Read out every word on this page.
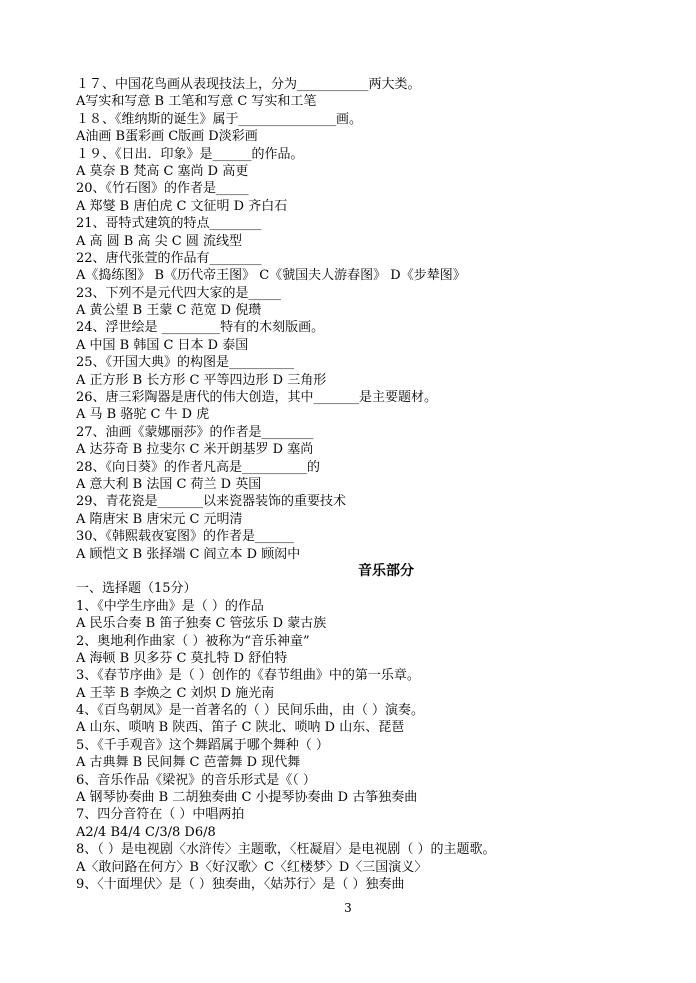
１７、中国花鸟画从表现技法上，分为___________两大类。
A写实和写意 B 工笔和写意 C 写实和工笔
１８、《维纳斯的诞生》属于_______________画。
A油画 B蛋彩画 C版画 D淡彩画
１９、《日出．印象》是______的作品。
A 莫奈 B 梵高 C 塞尚 D 高更
20、《竹石图》的作者是_____
A 郑燮 B 唐伯虎 C 文征明 D 齐白石
21、哥特式建筑的特点________
A 高 圆 B 高 尖 C 圆 流线型
22、唐代张萱的作品有________
A《捣练图》 B《历代帝王图》 C《虢国夫人游春图》 D《步辇图》
23、下列不是元代四大家的是_____
A 黄公望 B 王蒙 C 范宽 D 倪瓒
24、浮世绘是 _________特有的木刻版画。
A 中国 B 韩国 C 日本 D 泰国
25、《开国大典》的构图是__________
A 正方形 B 长方形 C 平等四边形 D 三角形
26、唐三彩陶器是唐代的伟大创造，其中_______是主要题材。
A 马 B 骆驼 C 牛 D 虎
27、油画《蒙娜丽莎》的作者是________
A 达芬奇 B 拉斐尔 C 米开朗基罗 D 塞尚
28、《向日葵》的作者凡高是__________的
A 意大利 B 法国 C 荷兰 D 英国
29、青花瓷是_______以来瓷器装饰的重要技术
A 隋唐宋 B 唐宋元 C 元明清
30、《韩熙载夜宴图》的作者是______
A 顾恺文 B 张择端 C 阎立本 D 顾闳中
音乐部分
一、选择题（15分）
1、《中学生序曲》是（ ）的作品
A 民乐合奏 B 笛子独奏 C 管弦乐 D 蒙古族
2、奥地利作曲家（ ）被称为“音乐神童”
A 海顿 B 贝多芬 C 莫扎特 D 舒伯特
3、《春节序曲》是（ ）创作的《春节组曲》中的第一乐章。
A 王莘 B 李焕之 C 刘炽 D 施光南
4、《百鸟朝凤》是一首著名的（ ）民间乐曲，由（ ）演奏。
A 山东、唢呐 B 陕西、笛子 C 陕北、唢呐 D 山东、琵琶
5、《千手观音》这个舞蹈属于哪个舞种（ ）
A 古典舞 B 民间舞 C 芭蕾舞 D 现代舞
6、音乐作品《梁祝》的音乐形式是《（ ）
A 钢琴协奏曲 B 二胡独奏曲 C 小提琴协奏曲 D 古筝独奏曲
7、四分音符在（ ）中唱两拍
A2/4 B4/4 C/3/8 D6/8
8、（ ）是电视剧〈水浒传〉主题歌，〈枉凝眉〉是电视剧（ ）的主题歌。
A〈敢问路在何方〉B〈好汉歌〉C〈红楼梦〉D〈三国演义〉
9、〈十面埋伏〉是（ ）独奏曲，〈姑苏行〉是（ ）独奏曲
3
